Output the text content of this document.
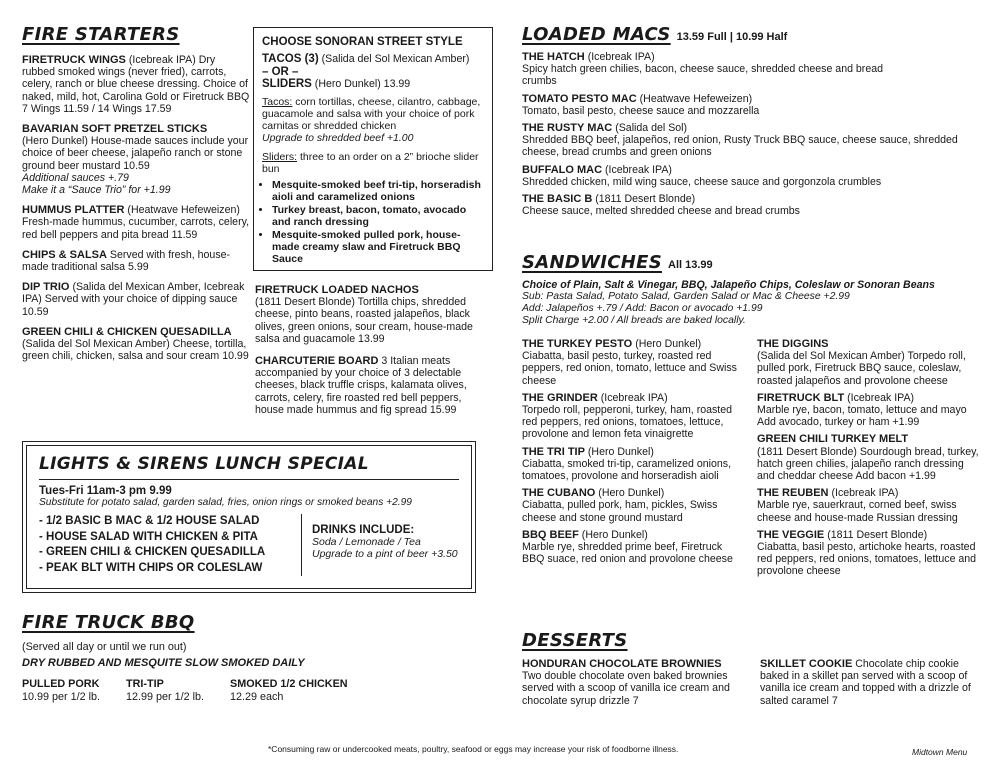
FIRE STARTERS
FIRETRUCK WINGS (Icebreak IPA) Dry rubbed smoked wings (never fried), carrots, celery, ranch or blue cheese dressing. Choice of naked, mild, hot, Carolina Gold or Firetruck BBQ 7 Wings 11.59 / 14 Wings 17.59
BAVARIAN SOFT PRETZEL STICKS
(Hero Dunkel) House-made sauces include your choice of beer cheese, jalapeño ranch or stone ground beer mustard 10.59
Additional sauces +.79
Make it a “Sauce Trio” for +1.99
HUMMUS PLATTER (Heatwave Hefeweizen) Fresh-made hummus, cucumber, carrots, celery, red bell peppers and pita bread 11.59
CHIPS & SALSA Served with fresh, house-made traditional salsa 5.99
DIP TRIO (Salida del Mexican Amber, Icebreak IPA) Served with your choice of dipping sauce 10.59
GREEN CHILI & CHICKEN QUESADILLA
(Salida del Sol Mexican Amber) Cheese, tortilla, green chili, chicken, salsa and sour cream 10.99
CHOOSE SONORAN STREET STYLE
TACOS (3) (Salida del Sol Mexican Amber)
– OR –
SLIDERS (Hero Dunkel) 13.99
Tacos: corn tortillas, cheese, cilantro, cabbage, guacamole and salsa with your choice of pork carnitas or shredded chicken
Upgrade to shredded beef +1.00
Sliders: three to an order on a 2” brioche slider bun
• Mesquite-smoked beef tri-tip, horseradish aioli and caramelized onions
• Turkey breast, bacon, tomato, avocado and ranch dressing
• Mesquite-smoked pulled pork, house-made creamy slaw and Firetruck BBQ Sauce
FIRETRUCK LOADED NACHOS
(1811 Desert Blonde) Tortilla chips, shredded cheese, pinto beans, roasted jalapeños, black olives, green onions, sour cream, house-made salsa and guacamole 13.99
CHARCUTERIE BOARD 3 Italian meats accompanied by your choice of 3 delectable cheeses, black truffle crisps, kalamata olives, carrots, celery, fire roasted red bell peppers, house made hummus and fig spread 15.99
LIGHTS & SIRENS LUNCH SPECIAL
Tues-Fri 11am-3 pm 9.99
Substitute for potato salad, garden salad, fries, onion rings or smoked beans +2.99
- 1/2 BASIC B MAC & 1/2 HOUSE SALAD
- HOUSE SALAD WITH CHICKEN & PITA
- GREEN CHILI & CHICKEN QUESADILLA
- PEAK BLT WITH CHIPS OR COLESLAW
DRINKS INCLUDE:
Soda / Lemonade / Tea
Upgrade to a pint of beer +3.50
FIRE TRUCK BBQ
(Served all day or until we run out)
DRY RUBBED AND MESQUITE SLOW SMOKED DAILY
PULLED PORK
10.99 per 1/2 lb.
TRI-TIP
12.99 per 1/2 lb.
SMOKED 1/2 CHICKEN
12.29 each
LOADED MACS 13.59 Full | 10.99 Half
THE HATCH (Icebreak IPA)
Spicy hatch green chilies, bacon, cheese sauce, shredded cheese and bread crumbs
TOMATO PESTO MAC (Heatwave Hefeweizen)
Tomato, basil pesto, cheese sauce and mozzarella
THE RUSTY MAC (Salida del Sol)
Shredded BBQ beef, jalapeños, red onion, Rusty Truck BBQ sauce, cheese sauce, shredded cheese, bread crumbs and green onions
BUFFALO MAC (Icebreak IPA)
Shredded chicken, mild wing sauce, cheese sauce and gorgonzola crumbles
THE BASIC B (1811 Desert Blonde)
Cheese sauce, melted shredded cheese and bread crumbs
SANDWICHES All 13.99
Choice of Plain, Salt & Vinegar, BBQ, Jalapeño Chips, Coleslaw or Sonoran Beans
Sub: Pasta Salad, Potato Salad, Garden Salad or Mac & Cheese +2.99
Add: Jalapeños +.79 / Add: Bacon or avocado +1.99
Split Charge +2.00 / All breads are baked locally.
THE TURKEY PESTO (Hero Dunkel)
Ciabatta, basil pesto, turkey, roasted red peppers, red onion, tomato, lettuce and Swiss cheese
THE GRINDER (Icebreak IPA)
Torpedo roll, pepperoni, turkey, ham, roasted red peppers, red onions, tomatoes, lettuce, provolone and lemon feta vinaigrette
THE TRI TIP (Hero Dunkel)
Ciabatta, smoked tri-tip, caramelized onions, tomatoes, provolone and horseradish aioli
THE CUBANO (Hero Dunkel)
Ciabatta, pulled pork, ham, pickles, Swiss cheese and stone ground mustard
BBQ BEEF (Hero Dunkel)
Marble rye, shredded prime beef, Firetruck BBQ suace, red onion and provolone cheese
THE DIGGINS
(Salida del Sol Mexican Amber) Torpedo roll, pulled pork, Firetruck BBQ sauce, coleslaw, roasted jalapeños and provolone cheese
FIRETRUCK BLT (Icebreak IPA)
Marble rye, bacon, tomato, lettuce and mayo Add avocado, turkey or ham +1.99
GREEN CHILI TURKEY MELT
(1811 Desert Blonde) Sourdough bread, turkey, hatch green chilies, jalapeño ranch dressing and cheddar cheese Add bacon +1.99
THE REUBEN (Icebreak IPA)
Marble rye, sauerkraut, corned beef, swiss cheese and house-made Russian dressing
THE VEGGIE (1811 Desert Blonde)
Ciabatta, basil pesto, artichoke hearts, roasted red peppers, red onions, tomatoes, lettuce and provolone cheese
DESSERTS
HONDURAN CHOCOLATE BROWNIES
Two double chocolate oven baked brownies served with a scoop of vanilla ice cream and chocolate syrup drizzle 7
SKILLET COOKIE Chocolate chip cookie baked in a skillet pan served with a scoop of vanilla ice cream and topped with a drizzle of salted caramel 7
*Consuming raw or undercooked meats, poultry, seafood or eggs may increase your risk of foodborne illness.	Midtown Menu
